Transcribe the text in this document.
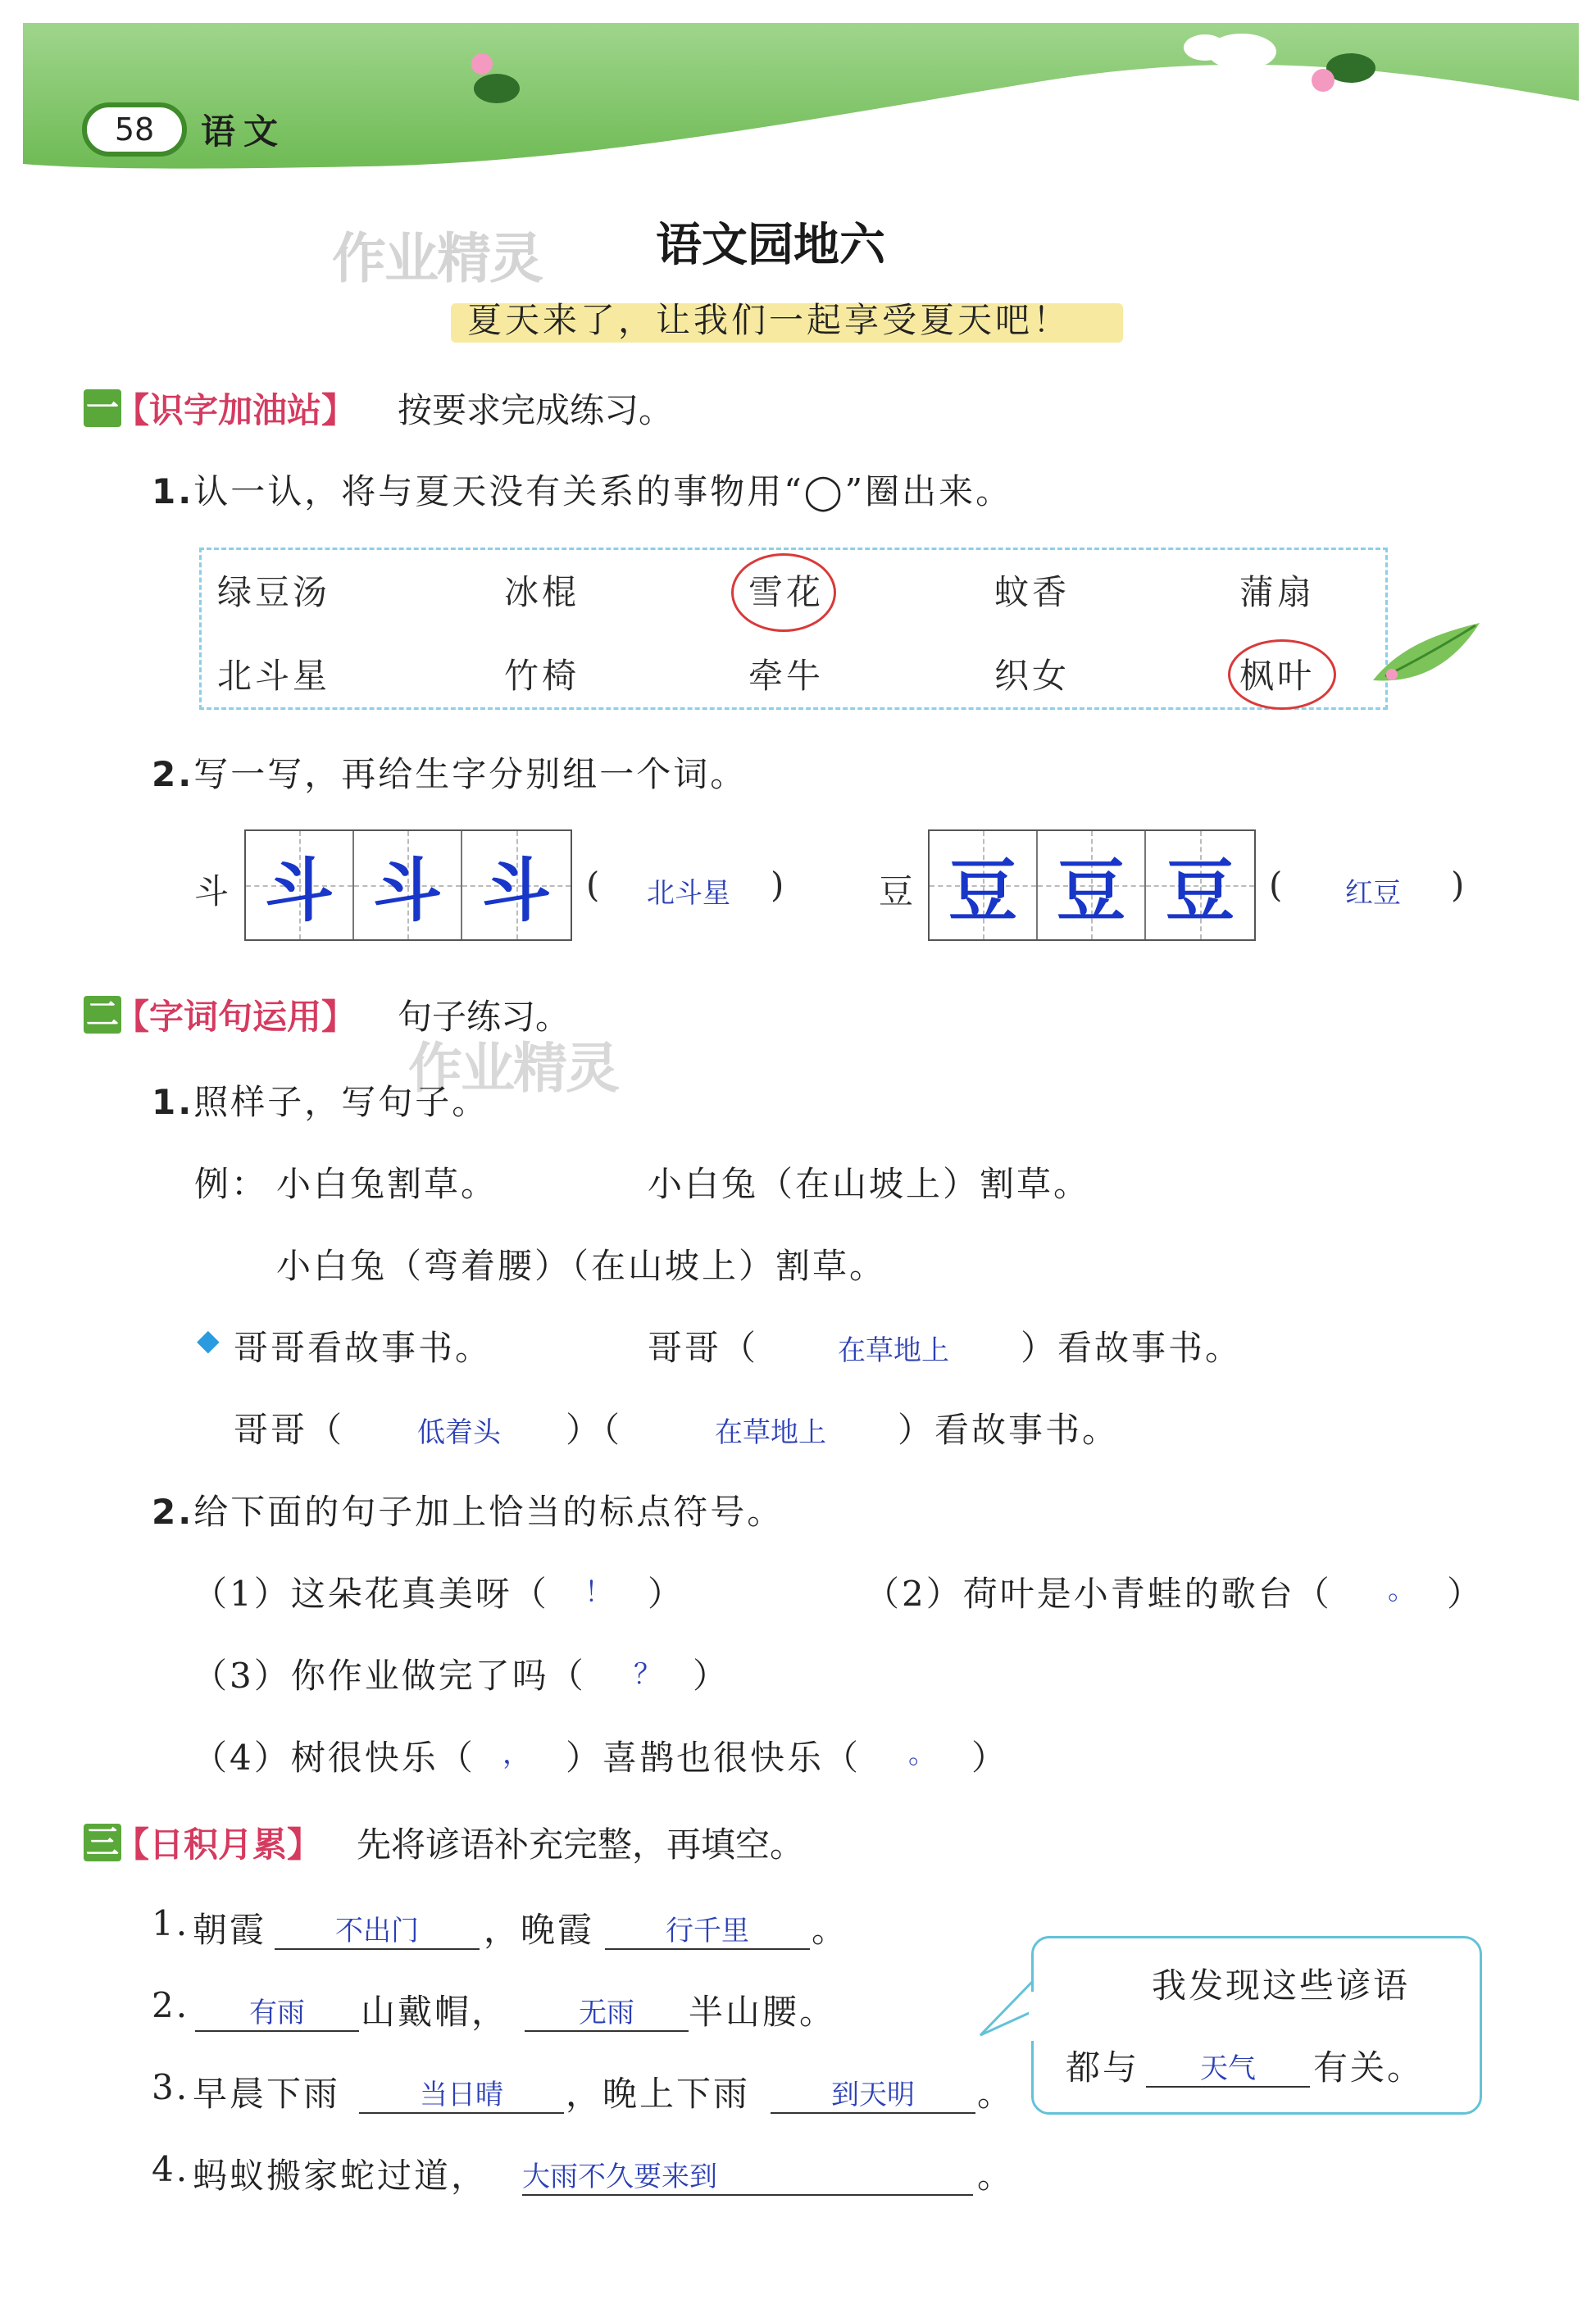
58	语文
作业精灵 语文园地六
夏天来了，让我们一起享受夏天吧！
一
【识字加油站】 按要求完成练习。
1.认一认，将与夏天没有关系的事物用“◯”圈出来。
绿豆汤	冰棍	雪花	蚊香	蒲扇
北斗星	竹椅	牵牛	织女	枫叶
2.写一写，再给生字分别组一个词。
斗 斗 斗 斗 (	北斗星	)	豆 豆 豆 豆 (	红豆	)
二
【字词句运用】 句子练习。
作业精灵
1.照样子，写句子。
例： 小白兔割草。	小白兔（在山坡上）割草。
小白兔（弯着腰）（在山坡上）割草。
◆ 哥哥看故事书。	哥哥（	在草地上	）看故事书。
哥哥（	低着头	）（	在草地上	）看故事书。
2.给下面的句子加上恰当的标点符号。
（1）这朵花真美呀（	！	）	（2）荷叶是小青蛙的歌台（	。 ）
（3）你作业做完了吗（	？ ）
（4）树很快乐（ ，	）喜鹊也很快乐（	。	）
三
【日积月累】 先将谚语补充完整，再填空。
1. 朝霞	不出门	，晚霞	行千里	。
2.	有雨	山戴帽，	无雨	半山腰。
3. 早晨下雨	当日晴	，晚上下雨	到天明	。
4. 蚂蚁搬家蛇过道， 大雨不久要来到	。
我发现这些谚语
都与	天气	有关。
